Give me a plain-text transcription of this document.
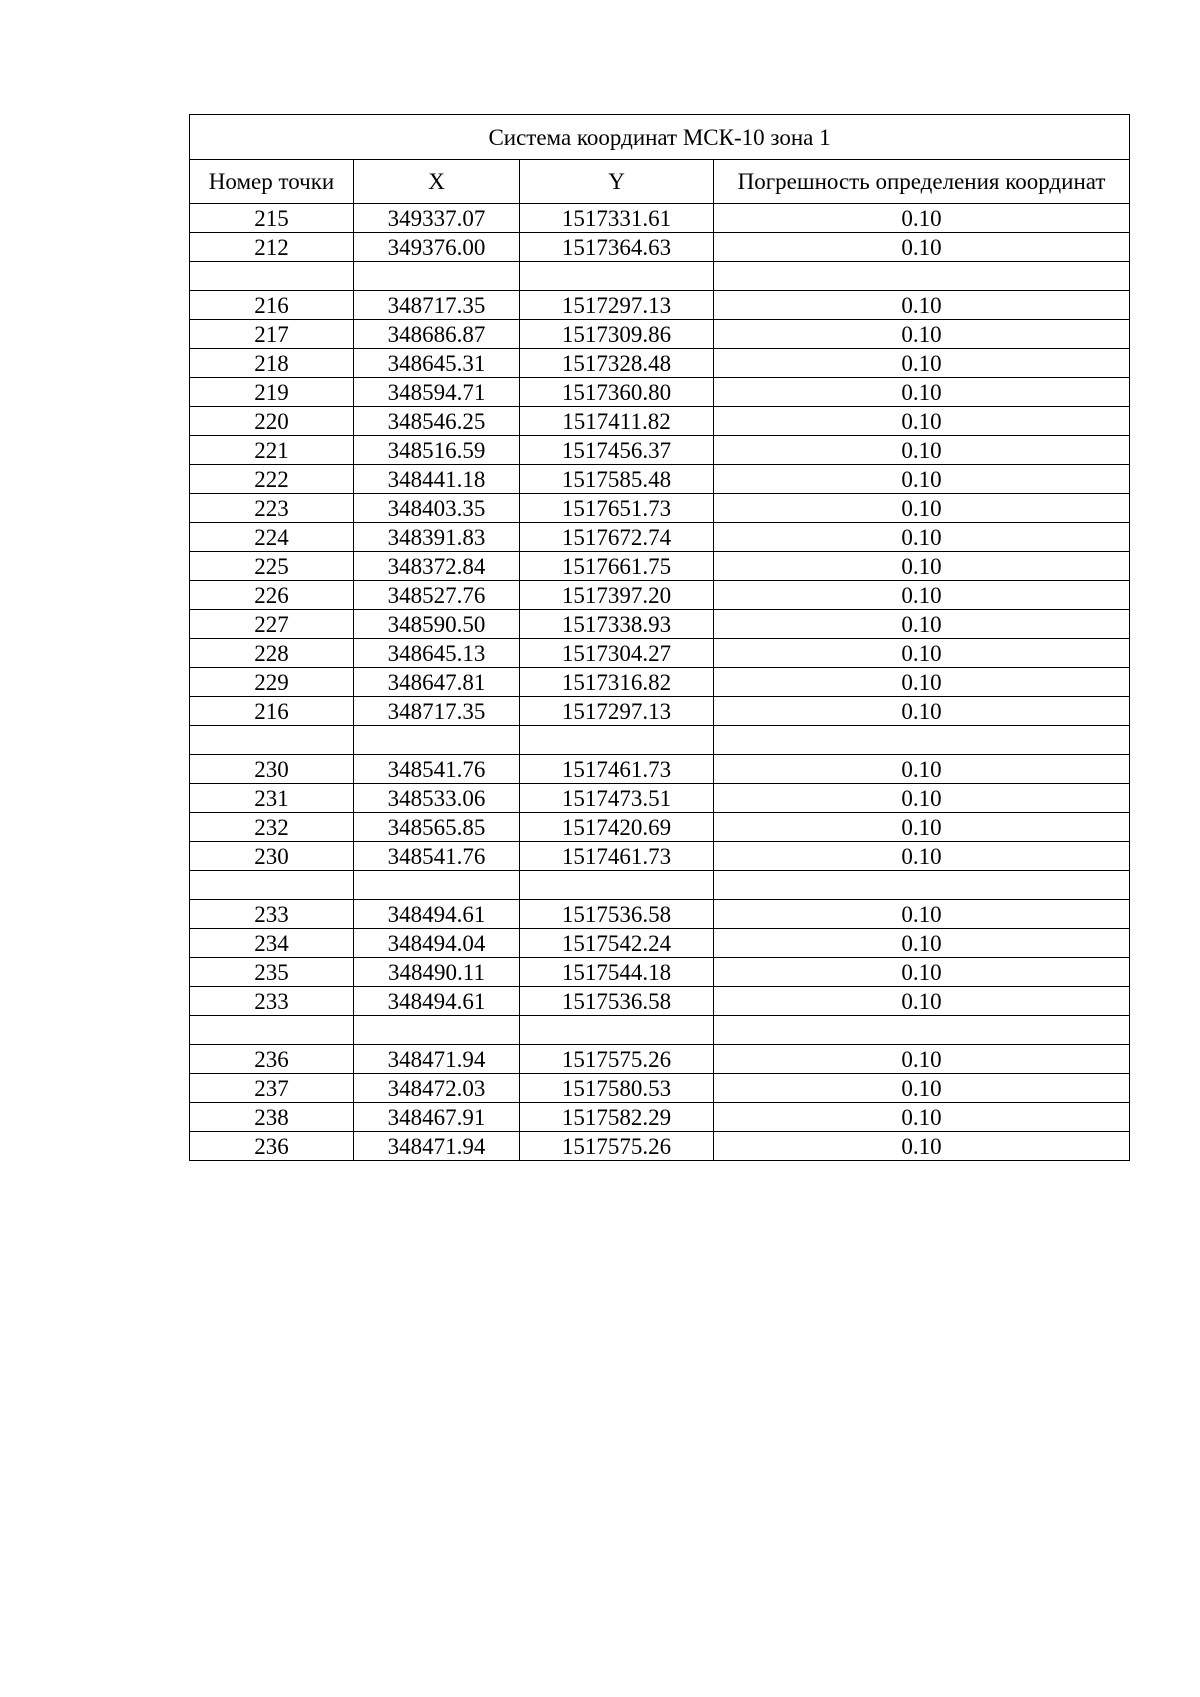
Система координат МСК-10 зона 1			
Номер точки	X	Y	Погрешность определения координат
215	349337.07	1517331.61	0.10
212	349376.00	1517364.63	0.10

216	348717.35	1517297.13	0.10
217	348686.87	1517309.86	0.10
218	348645.31	1517328.48	0.10
219	348594.71	1517360.80	0.10
220	348546.25	1517411.82	0.10
221	348516.59	1517456.37	0.10
222	348441.18	1517585.48	0.10
223	348403.35	1517651.73	0.10
224	348391.83	1517672.74	0.10
225	348372.84	1517661.75	0.10
226	348527.76	1517397.20	0.10
227	348590.50	1517338.93	0.10
228	348645.13	1517304.27	0.10
229	348647.81	1517316.82	0.10
216	348717.35	1517297.13	0.10

230	348541.76	1517461.73	0.10
231	348533.06	1517473.51	0.10
232	348565.85	1517420.69	0.10
230	348541.76	1517461.73	0.10

233	348494.61	1517536.58	0.10
234	348494.04	1517542.24	0.10
235	348490.11	1517544.18	0.10
233	348494.61	1517536.58	0.10

236	348471.94	1517575.26	0.10
237	348472.03	1517580.53	0.10
238	348467.91	1517582.29	0.10
236	348471.94	1517575.26	0.10
